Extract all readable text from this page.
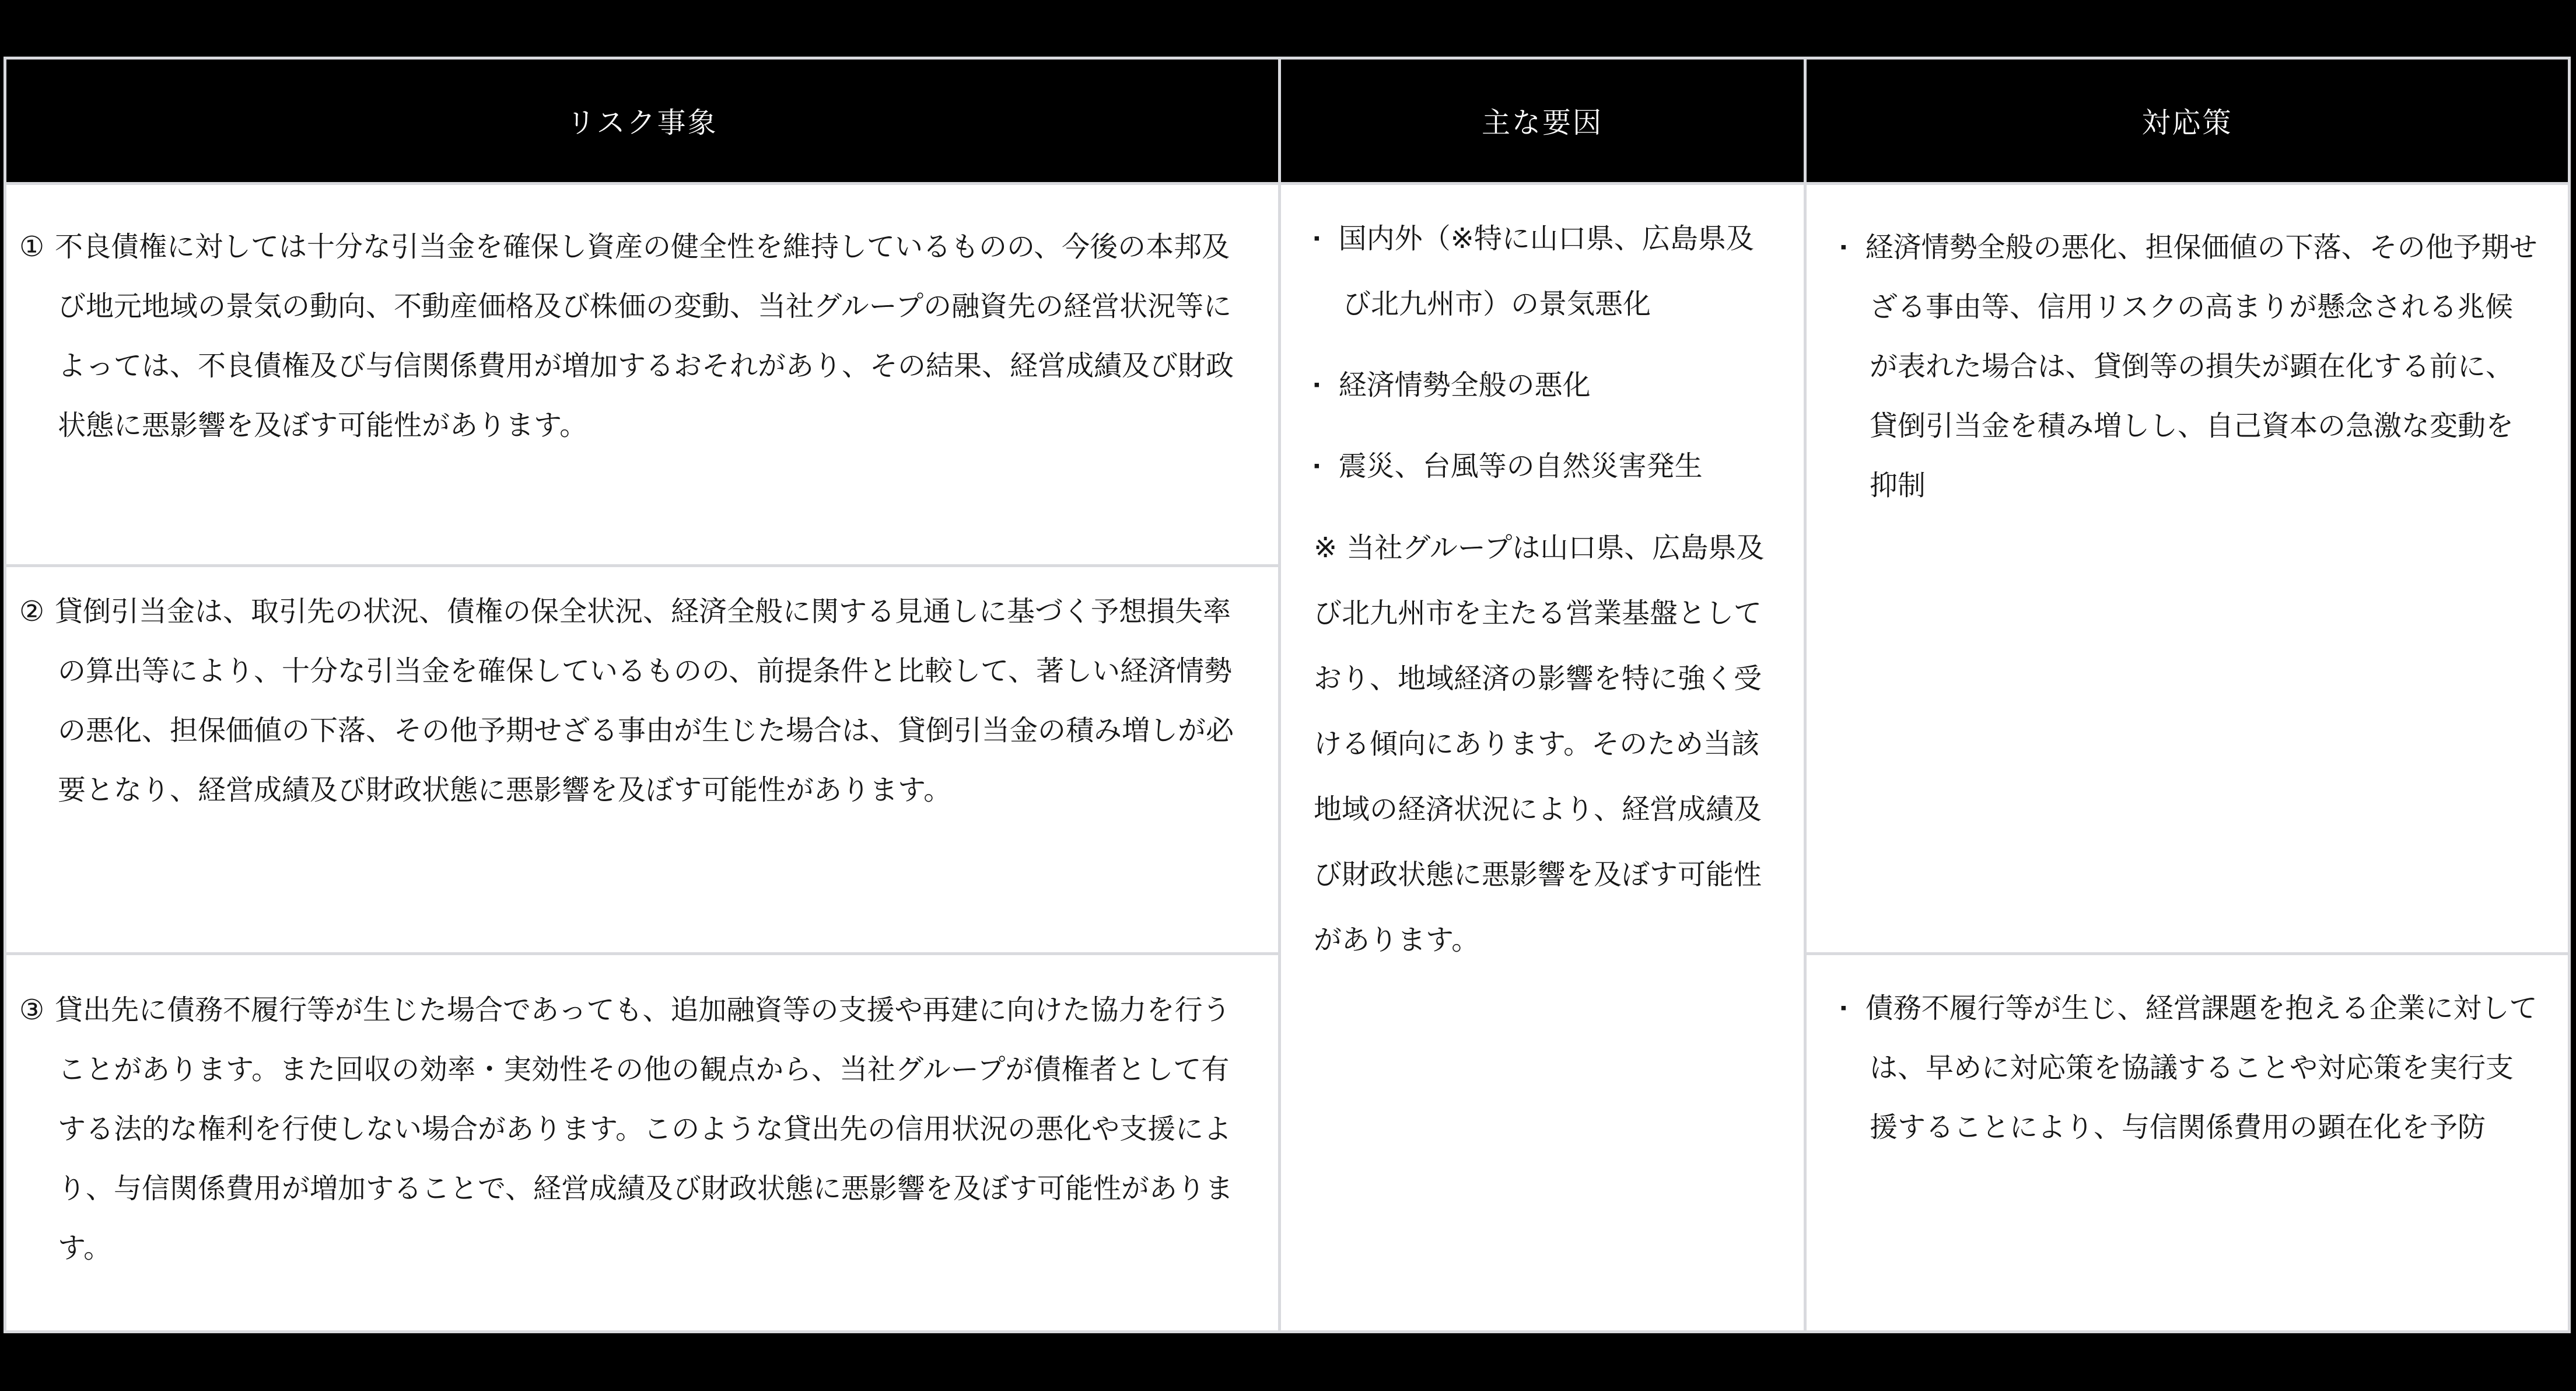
リスク事象	主な要因	対応策

① 不良債権に対しては十分な引当金を確保し資産の健全性を維持しているものの、今後の本邦及び地元地域の景気の動向、不動産価格及び株価の変動、当社グループの融資先の経営状況等によっては、不良債権及び与信関係費用が増加するおそれがあり、その結果、経営成績及び財政状態に悪影響を及ぼす可能性があります。

② 貸倒引当金は、取引先の状況、債権の保全状況、経済全般に関する見通しに基づく予想損失率の算出等により、十分な引当金を確保しているものの、前提条件と比較して、著しい経済情勢の悪化、担保価値の下落、その他予期せざる事由が生じた場合は、貸倒引当金の積み増しが必要となり、経営成績及び財政状態に悪影響を及ぼす可能性があります。

③ 貸出先に債務不履行等が生じた場合であっても、追加融資等の支援や再建に向けた協力を行うことがあります。また回収の効率・実効性その他の観点から、当社グループが債権者として有する法的な権利を行使しない場合があります。このような貸出先の信用状況の悪化や支援により、与信関係費用が増加することで、経営成績及び財政状態に悪影響を及ぼす可能性があります。

▪ 国内外（※特に山口県、広島県及び北九州市）の景気悪化

▪ 経済情勢全般の悪化

▪ 震災、台風等の自然災害発生

※ 当社グループは山口県、広島県及び北九州市を主たる営業基盤としており、地域経済の影響を特に強く受ける傾向にあります。そのため当該地域の経済状況により、経営成績及び財政状態に悪影響を及ぼす可能性があります。

▪ 経済情勢全般の悪化、担保価値の下落、その他予期せざる事由等、信用リスクの高まりが懸念される兆候が表れた場合は、貸倒等の損失が顕在化する前に、貸倒引当金を積み増しし、自己資本の急激な変動を抑制

▪ 債務不履行等が生じ、経営課題を抱える企業に対しては、早めに対応策を協議することや対応策を実行支援することにより、与信関係費用の顕在化を予防
